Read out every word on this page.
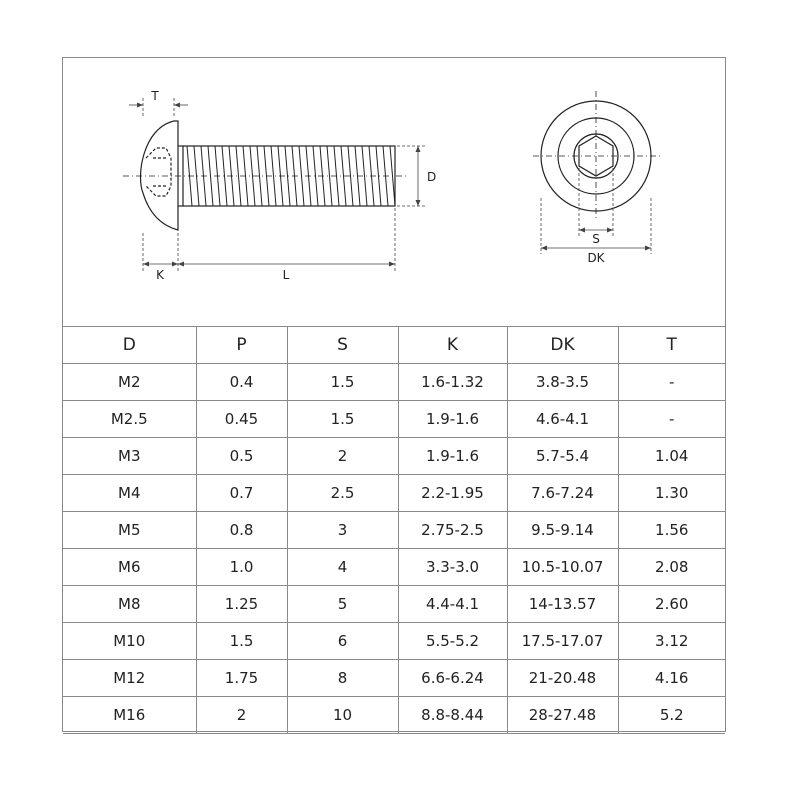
T
K	L
D
S
DK
D	P	S	K	DK	T
M2	0.4	1.5	1.6-1.32	3.8-3.5	-
M2.5	0.45	1.5	1.9-1.6	4.6-4.1	-
M3	0.5	2	1.9-1.6	5.7-5.4	1.04
M4	0.7	2.5	2.2-1.95	7.6-7.24	1.30
M5	0.8	3	2.75-2.5	9.5-9.14	1.56
M6	1.0	4	3.3-3.0	10.5-10.07	2.08
M8	1.25	5	4.4-4.1	14-13.57	2.60
M10	1.5	6	5.5-5.2	17.5-17.07	3.12
M12	1.75	8	6.6-6.24	21-20.48	4.16
M16	2	10	8.8-8.44	28-27.48	5.2
